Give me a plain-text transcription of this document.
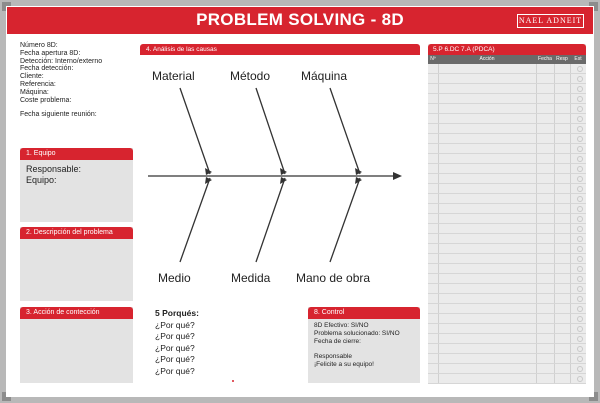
PROBLEM SOLVING - 8D	NAEL ADNEIT
Número 8D:
Fecha apertura 8D:
Detección: Interno/externo
Fecha detección:
Cliente:
Referencia:
Máquina:
Coste problema:
Fecha siguiente reunión:
1. Equipo
Responsable:
Equipo:
2. Descripción del problema
3. Acción de contección
4. Análisis de las causas
Material	Método	Máquina
Medio	Medida Mano de obra
5 Porqués:
¿Por qué?
¿Por qué?
¿Por qué?
¿Por qué?
¿Por qué?
8. Control
8D Efectivo: SI/NO
Problema solucionado: SI/NO
Fecha de cierre:
Responsable
¡Felicite a su equipo!
5.P 6.DC 7.A (PDCA)
Nº	Acción	Fecha Resp	Est
